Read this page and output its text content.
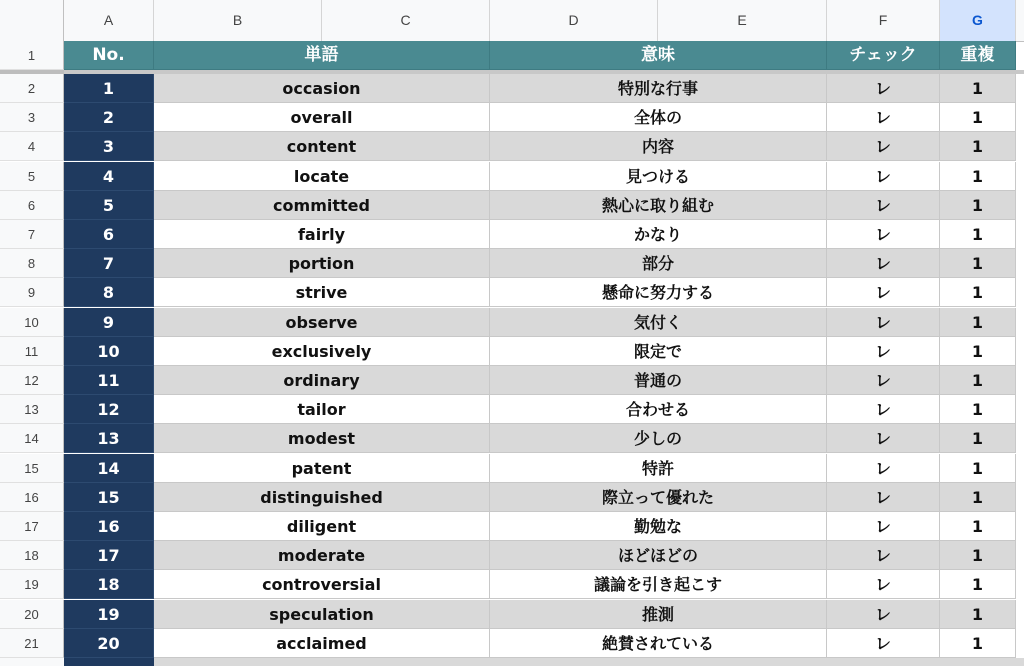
A	B	C	D	E	F	G
1	No.	単語	意味	チェック	重複
2	1	occasion	特別な行事	レ	1
3	2	overall	全体の	レ	1
4	3	content	内容	レ	1
5	4	locate	見つける	レ	1
6	5	committed	熱心に取り組む	レ	1
7	6	fairly	かなり	レ	1
8	7	portion	部分	レ	1
9	8	strive	懸命に努力する	レ	1
10	9	observe	気付く	レ	1
11	10	exclusively	限定で	レ	1
12	11	ordinary	普通の	レ	1
13	12	tailor	合わせる	レ	1
14	13	modest	少しの	レ	1
15	14	patent	特許	レ	1
16	15	distinguished	際立って優れた	レ	1
17	16	diligent	勤勉な	レ	1
18	17	moderate	ほどほどの	レ	1
19	18	controversial	議論を引き起こす	レ	1
20	19	speculation	推測	レ	1
21	20	acclaimed	絶賛されている	レ	1
